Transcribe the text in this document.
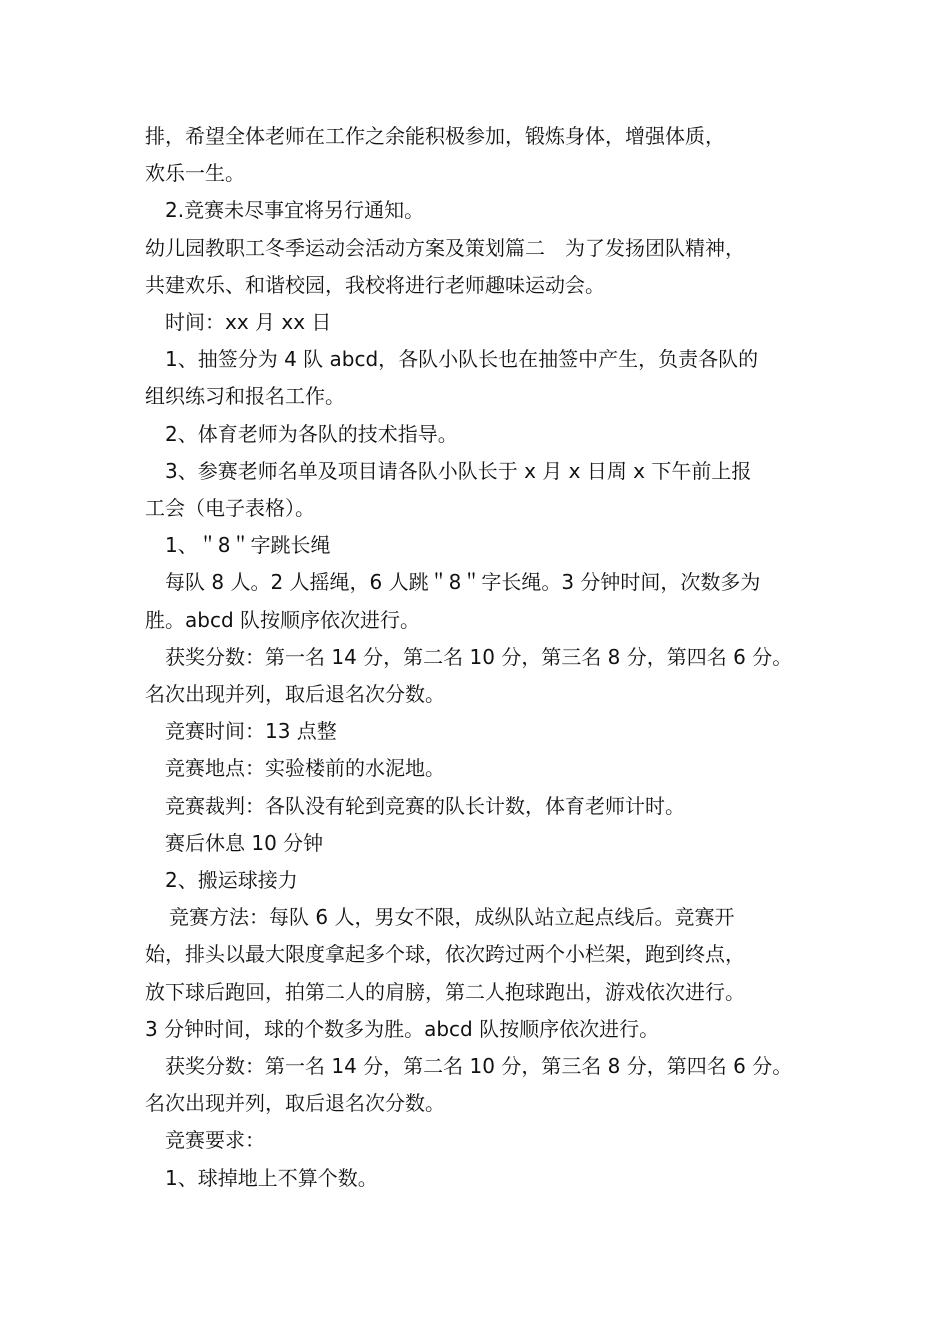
排，希望全体老师在工作之余能积极参加，锻炼身体，增强体质，

欢乐一生。

2.竞赛未尽事宜将另行通知。

幼儿园教职工冬季运动会活动方案及策划篇二　为了发扬团队精神，

共建欢乐、和谐校园，我校将进行老师趣味运动会。

时间：xx 月 xx 日

1、抽签分为 4 队 abcd，各队小队长也在抽签中产生，负责各队的

组织练习和报名工作。

2、体育老师为各队的技术指导。

3、参赛老师名单及项目请各队小队长于 x 月 x 日周 x 下午前上报

工会（电子表格）。

1、＂8＂字跳长绳

每队 8 人。2 人摇绳，6 人跳＂8＂字长绳。3 分钟时间，次数多为

胜。abcd 队按顺序依次进行。

获奖分数：第一名 14 分，第二名 10 分，第三名 8 分，第四名 6 分。

名次出现并列，取后退名次分数。

竞赛时间：13 点整

竞赛地点：实验楼前的水泥地。

竞赛裁判：各队没有轮到竞赛的队长计数，体育老师计时。

赛后休息 10 分钟

2、搬运球接力

竞赛方法：每队 6 人，男女不限，成纵队站立起点线后。竞赛开

始，排头以最大限度拿起多个球，依次跨过两个小栏架，跑到终点，

放下球后跑回，拍第二人的肩膀，第二人抱球跑出，游戏依次进行。

3 分钟时间，球的个数多为胜。abcd 队按顺序依次进行。

获奖分数：第一名 14 分，第二名 10 分，第三名 8 分，第四名 6 分。

名次出现并列，取后退名次分数。

竞赛要求：

1、球掉地上不算个数。
